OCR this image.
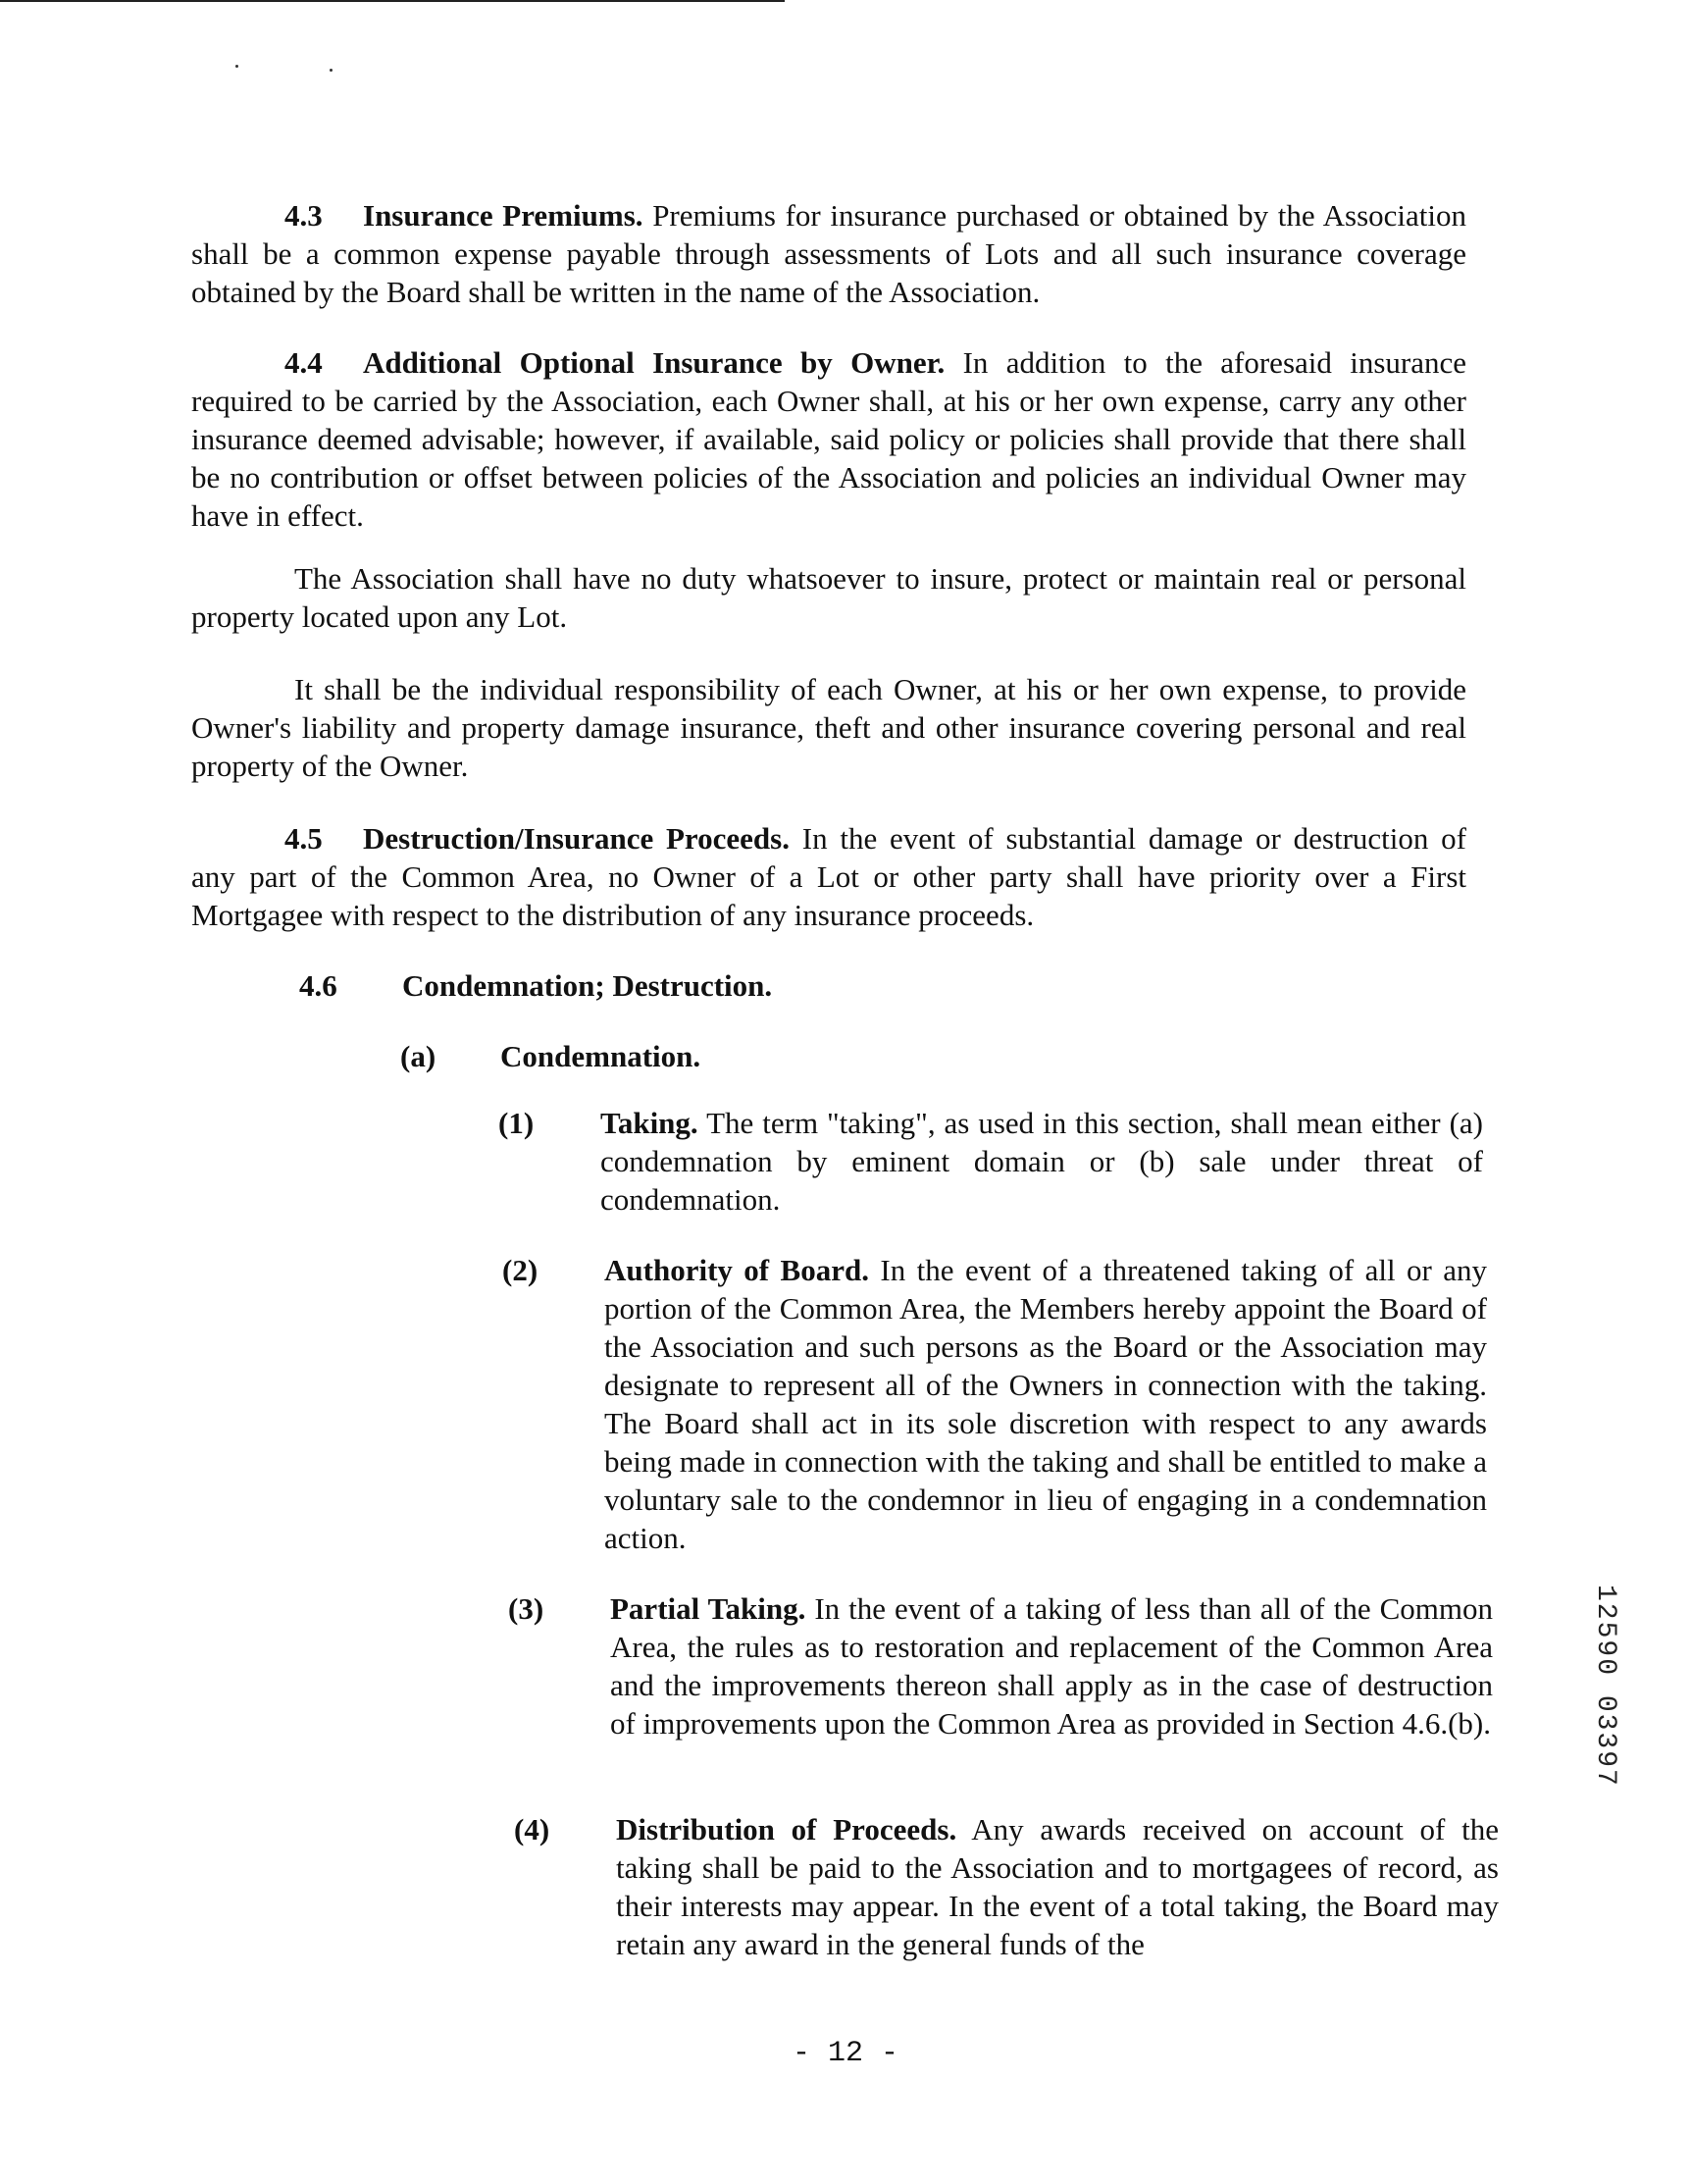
4.3 Insurance Premiums. Premiums for insurance purchased or obtained by the Association shall be a common expense payable through assessments of Lots and all such insurance coverage obtained by the Board shall be written in the name of the Association.

4.4 Additional Optional Insurance by Owner. In addition to the aforesaid insurance required to be carried by the Association, each Owner shall, at his or her own expense, carry any other insurance deemed advisable; however, if available, said policy or policies shall provide that there shall be no contribution or offset between policies of the Association and policies an individual Owner may have in effect.

The Association shall have no duty whatsoever to insure, protect or maintain real or personal property located upon any Lot.

It shall be the individual responsibility of each Owner, at his or her own expense, to provide Owner's liability and property damage insurance, theft and other insurance covering personal and real property of the Owner.

4.5 Destruction/Insurance Proceeds. In the event of substantial damage or destruction of any part of the Common Area, no Owner of a Lot or other party shall have priority over a First Mortgagee with respect to the distribution of any insurance proceeds.

4.6 Condemnation; Destruction.
(a) Condemnation.
(1) Taking. The term "taking", as used in this section, shall mean either (a) condemnation by eminent domain or (b) sale under threat of condemnation.

(2) Authority of Board. In the event of a threatened taking of all or any portion of the Common Area, the Members hereby appoint the Board of the Association and such persons as the Board or the Association may designate to represent all of the Owners in connection with the taking. The Board shall act in its sole discretion with respect to any awards being made in connection with the taking and shall be entitled to make a voluntary sale to the condemnor in lieu of engaging in a condemnation action.

(3) Partial Taking. In the event of a taking of less than all of the Common Area, the rules as to restoration and replacement of the Common Area and the improvements thereon shall apply as in the case of destruction of improvements upon the Common Area as provided in Section 4.6.(b).

(4) Distribution of Proceeds. Any awards received on account of the taking shall be paid to the Association and to mortgagees of record, as their interests may appear. In the event of a total taking, the Board may retain any award in the general funds of the

12590 03397
- 12 -
